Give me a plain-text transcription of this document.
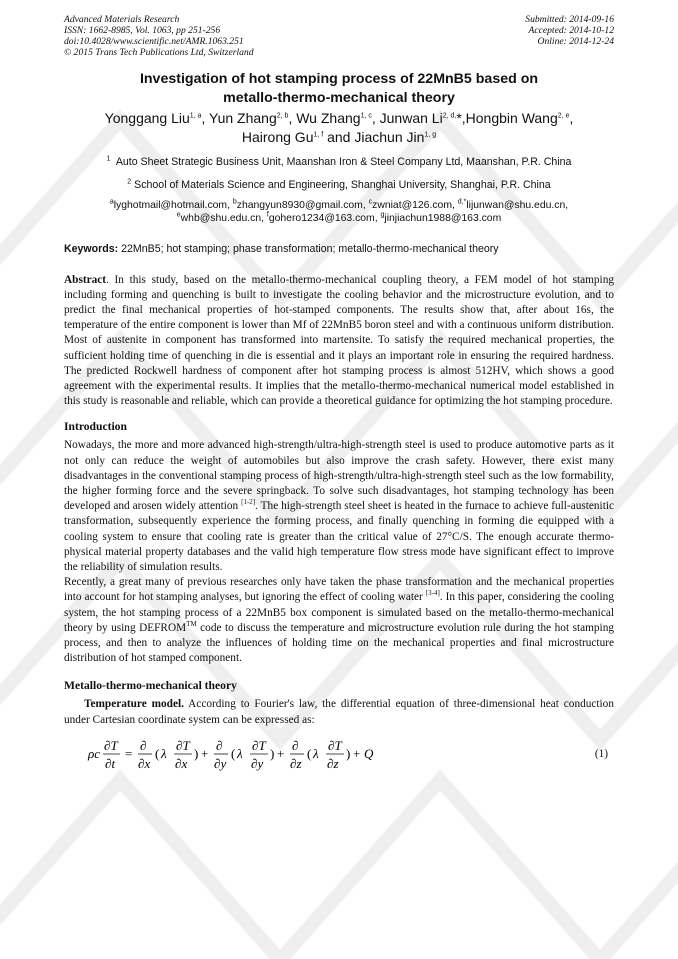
Advanced Materials Research
ISSN: 1662-8985, Vol. 1063, pp 251-256
doi:10.4028/www.scientific.net/AMR.1063.251
© 2015 Trans Tech Publications Ltd, Switzerland
Submitted: 2014-09-16
Accepted: 2014-10-12
Online: 2014-12-24
Investigation of hot stamping process of 22MnB5 based on
metallo-thermo-mechanical theory
Yonggang Liu$^{1, a}$, Yun Zhang$^{2, b}$, Wu Zhang$^{1, c}$, Junwan $Li^{2, d,}*,Hongbin$ Wang$^{2, e}$,
Hairong Gu$^{1, f}$ and Jiachun Jin$^{1, g}$
$^1$ Auto Sheet Strategic Business Unit, Maanshan Iron & Steel Company Ltd, Maanshan, P.R. China
$^2$ School of Materials Science and Engineering, Shanghai University, Shanghai, P.R. China
$^a$lyghotmail@hotmail.com, $^b$zhangyun8930@gmail.com, $^c$zwniat@126.com, $^{d,*}$lijunwan@shu.edu.cn,
$^e$whb@shu.edu.cn, $^f$gohero1234@163.com, $^g$jinjiachun1988@163.com
Keywords: 22MnB5; hot stamping; phase transformation; metallo-thermo-mechanical theory
Abstract. In this study, based on the metallo-thermo-mechanical coupling theory, a FEM model of hot stamping including forming and quenching is built to investigate the cooling behavior and the microstructure evolution, and to predict the final mechanical properties of hot-stamped components. The results show that, after about 16s, the temperature of the entire component is lower than Mf of 22MnB5 boron steel and with a continuous uniform distribution. Most of austenite in component has transformed into martensite. To satisfy the required mechanical properties, the sufficient holding time of quenching in die is essential and it plays an important role in ensuring the required hardness. The predicted Rockwell hardness of component after hot stamping process is almost 512HV, which shows a good agreement with the experimental results. It implies that the metallo-thermo-mechanical numerical model established in this study is reasonable and reliable, which can provide a theoretical guidance for optimizing the hot stamping procedure.
Introduction
Nowadays, the more and more advanced high-strength/ultra-high-strength steel is used to produce automotive parts as it not only can reduce the weight of automobiles but also improve the crash safety. However, there exist many disadvantages in the conventional stamping process of high-strength/ultra-high-strength steel such as the low formability, the higher forming force and the severe springback. To solve such disadvantages, hot stamping technology has been developed and arosen widely attention [1-2]. The high-strength steel sheet is heated in the furnace to achieve full-austenitic transformation, subsequently experience the forming process, and finally quenching in forming die equipped with a cooling system to ensure that cooling rate is greater than the critical value of 27°C/S. The enough accurate thermo-physical material property databases and the valid high temperature flow stress mode have significant effect to improve the reliability of simulation results.
Recently, a great many of previous researches only have taken the phase transformation and the mechanical properties into account for hot stamping analyses, but ignoring the effect of cooling water [3-4]. In this paper, considering the cooling system, the hot stamping process of a 22MnB5 box component is simulated based on the metallo-thermo-mechanical theory by using DEFROM™ code to discuss the temperature and microstructure evolution rule during the hot stamping process, and then to analyze the influences of holding time on the mechanical properties and final microstructure distribution of hot stamped component.
Metallo-thermo-mechanical theory
Temperature model. According to Fourier's law, the differential equation of three-dimensional heat conduction under Cartesian coordinate system can be expressed as:
ρc
∂T
∂t
=
∂
∂x
( λ
∂T
∂x
) +
∂
∂y
( λ
∂T
∂y
) +
∂
∂z
( λ
∂T
∂z
) + Q	(1)
